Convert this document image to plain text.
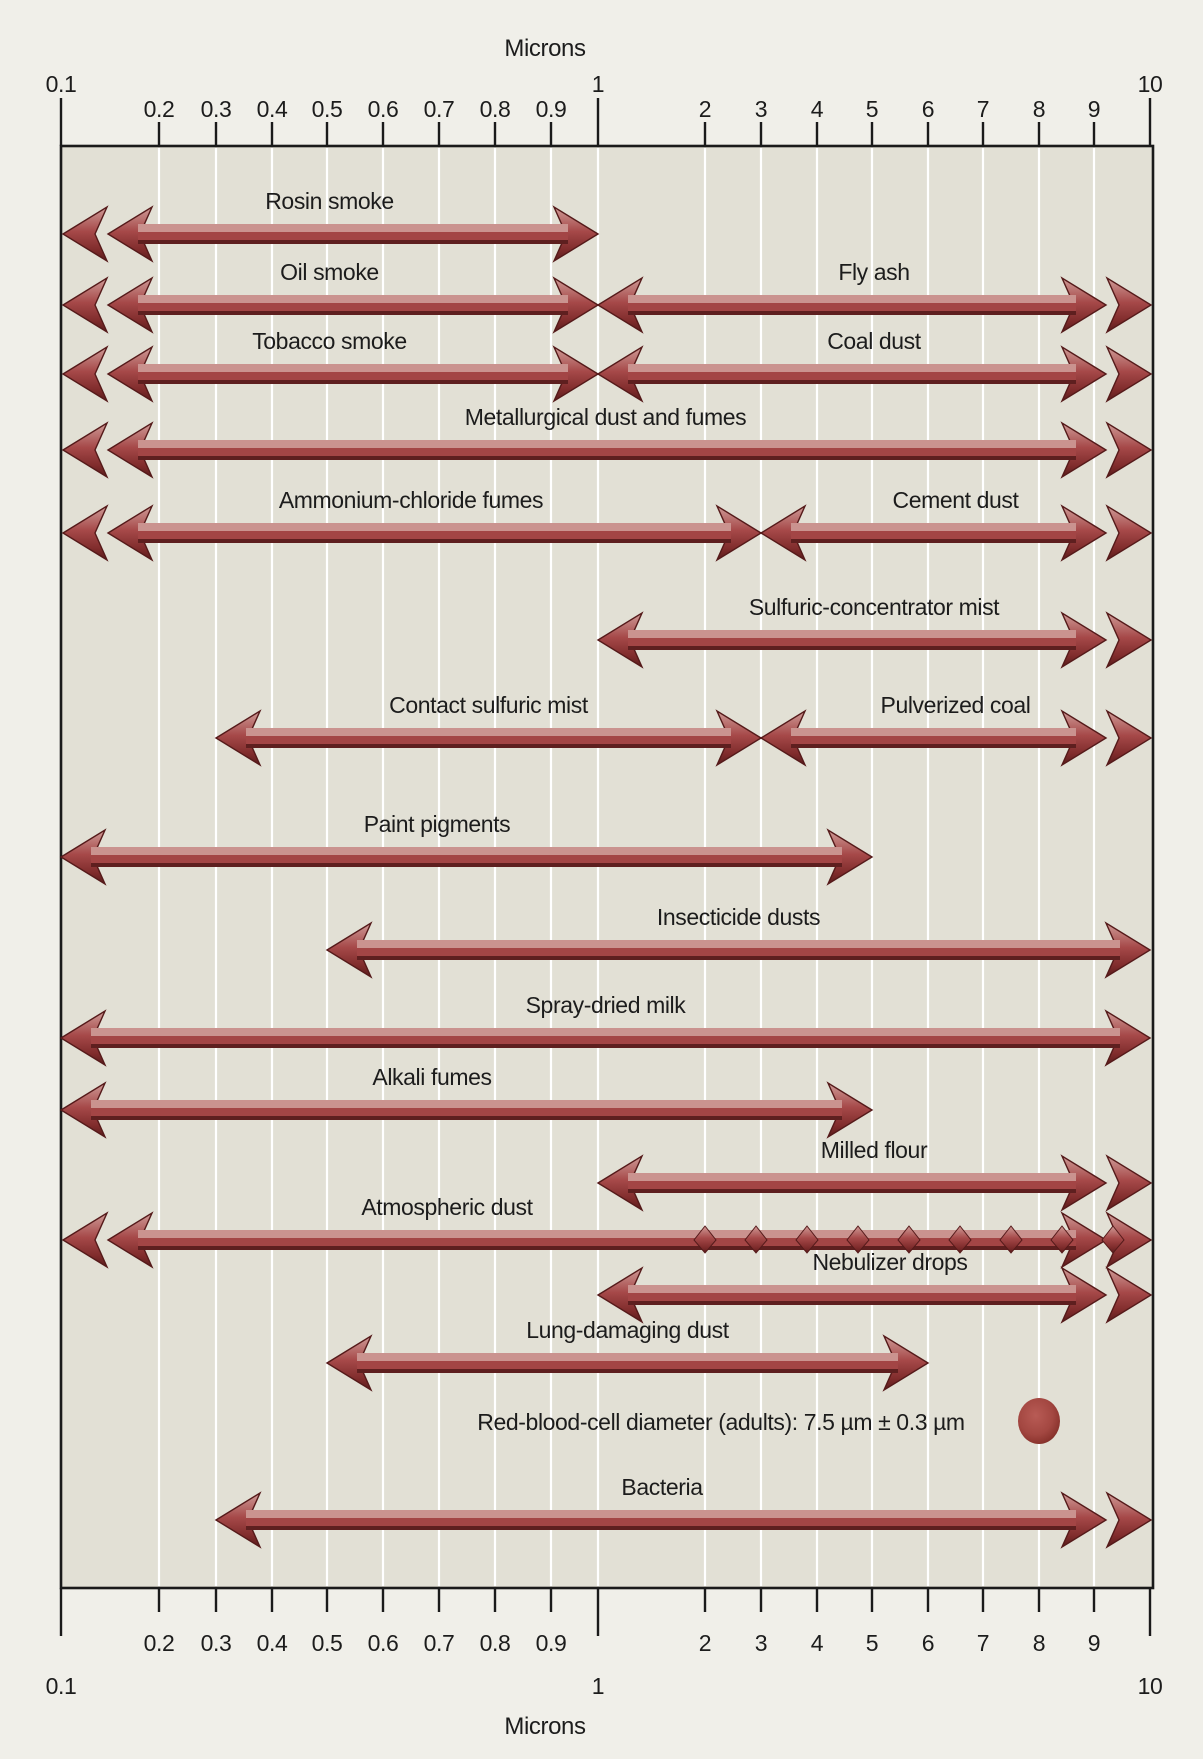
0.1
0.1
0.2
0.2
0.3
0.3
0.4
0.4
0.5
0.5
0.6
0.6
0.7
0.7
0.8
0.8
0.9
0.9
1
1
2
2
3
3
4
4
5
5
6
6
7
7
8
8
9
9
10
10
Rosin smoke
Oil smoke	Fly ash
Tobacco smoke	Coal dust
Metallurgical dust and fumes
Ammonium-chloride fumes	Cement dust
Sulfuric-concentrator mist
Contact sulfuric mist	Pulverized coal
Paint pigments
Insecticide dusts
Spray-dried milk
Alkali fumes
Milled flour
Atmospheric dust
Nebulizer drops
Lung-damaging dust
Red-blood-cell diameter (adults): 7.5 µm ± 0.3 µm
Bacteria
Microns
Microns
